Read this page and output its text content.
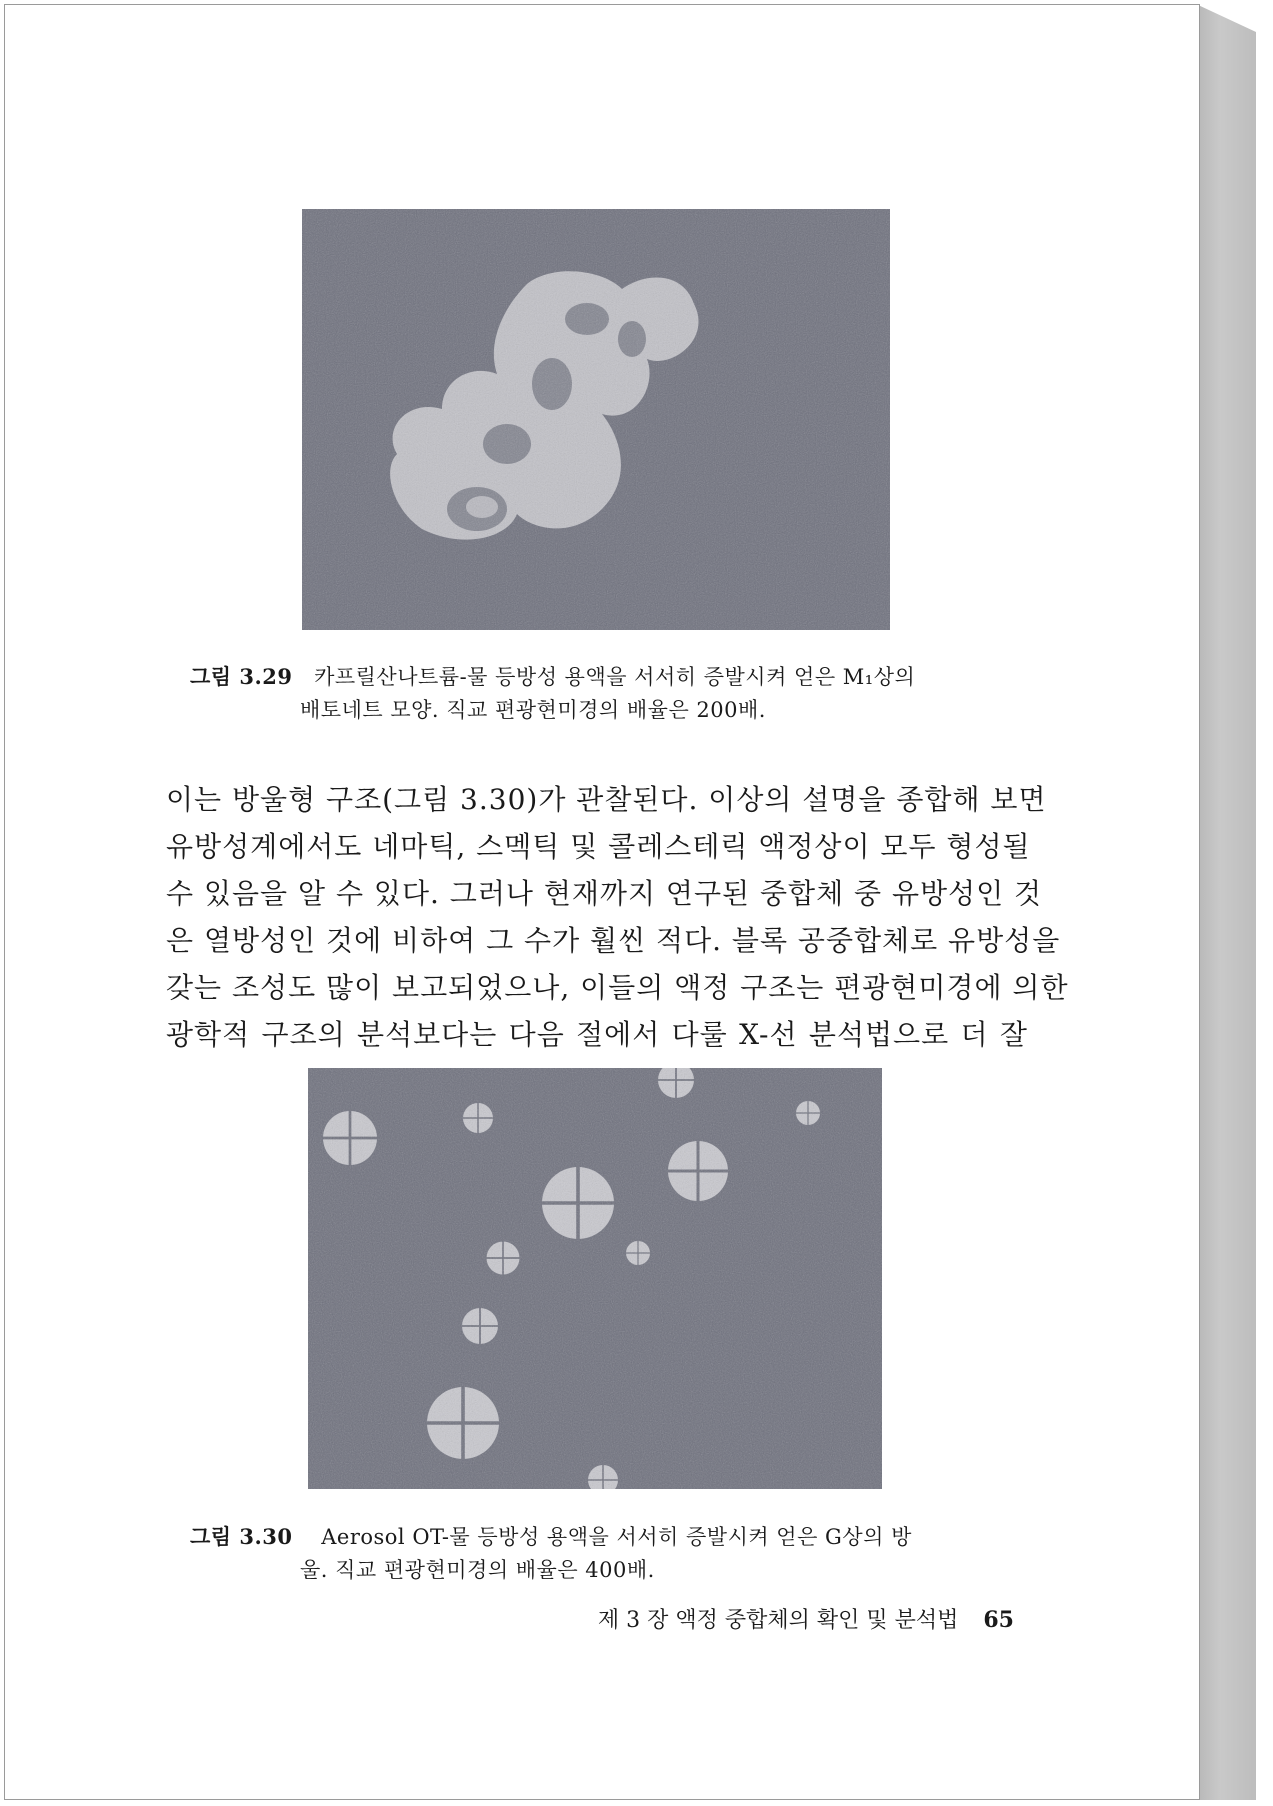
그림 3.29 카프릴산나트륨-물 등방성 용액을 서서히 증발시켜 얻은 M₁상의
배토네트 모양. 직교 편광현미경의 배율은 200배.
이는 방울형 구조(그림 3.30)가 관찰된다. 이상의 설명을 종합해 보면
유방성계에서도 네마틱, 스멕틱 및 콜레스테릭 액정상이 모두 형성될
수 있음을 알 수 있다. 그러나 현재까지 연구된 중합체 중 유방성인 것
은 열방성인 것에 비하여 그 수가 훨씬 적다. 블록 공중합체로 유방성을
갖는 조성도 많이 보고되었으나, 이들의 액정 구조는 편광현미경에 의한
광학적 구조의 분석보다는 다음 절에서 다룰 X-선 분석법으로 더 잘
그림 3.30 Aerosol OT-물 등방성 용액을 서서히 증발시켜 얻은 G상의 방
울. 직교 편광현미경의 배율은 400배.
제 3 장 액정 중합체의 확인 및 분석법 65
